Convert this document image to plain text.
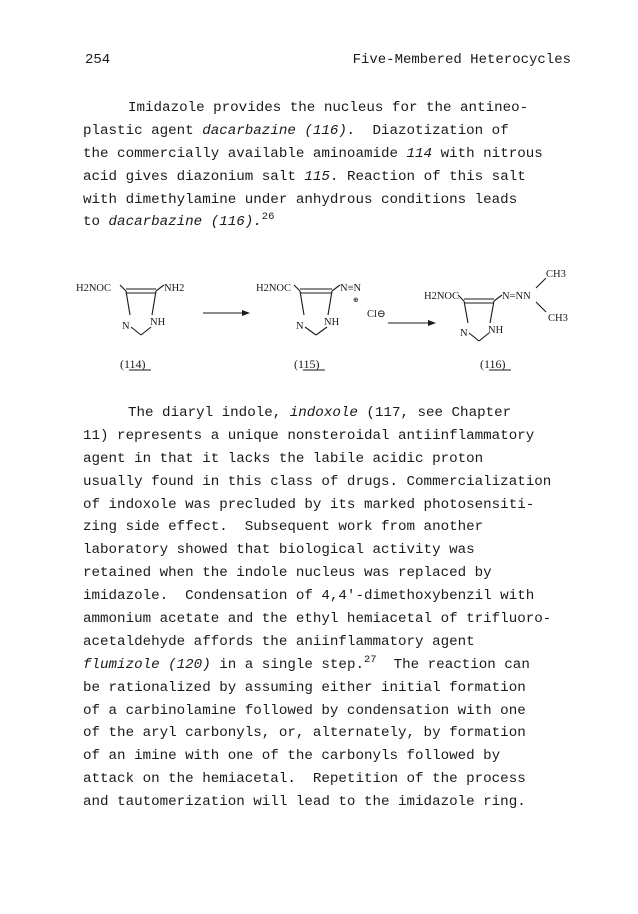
254	Five-Membered Heterocycles
Imidazole provides the nucleus for the antineo-
plastic agent dacarbazine (116).  Diazotization of
the commercially available aminoamide 114 with nitrous
acid gives diazonium salt 115. Reaction of this salt
with dimethylamine under anhydrous conditions leads
to dacarbazine (116).$^{26}$
H2NOC	NH2
N NH
H2NOC	N≡N
⊕
Cl⊖
N NH
H2NOC	N=NN
CH3
CH3
N NH
(114)	(115)	(116)
The diaryl indole, indoxole (117, see Chapter
11) represents a unique nonsteroidal antiinflammatory
agent in that it lacks the labile acidic proton
usually found in this class of drugs. Commercialization
of indoxole was precluded by its marked photosensiti-
zing side effect.  Subsequent work from another
laboratory showed that biological activity was
retained when the indole nucleus was replaced by
imidazole.  Condensation of 4,4'-dimethoxybenzil with
ammonium acetate and the ethyl hemiacetal of trifluoro-
acetaldehyde affords the aniinflammatory agent
flumizole (120) in a single step.$^{27}$  The reaction can
be rationalized by assuming either initial formation
of a carbinolamine followed by condensation with one
of the aryl carbonyls, or, alternately, by formation
of an imine with one of the carbonyls followed by
attack on the hemiacetal.  Repetition of the process
and tautomerization will lead to the imidazole ring.
